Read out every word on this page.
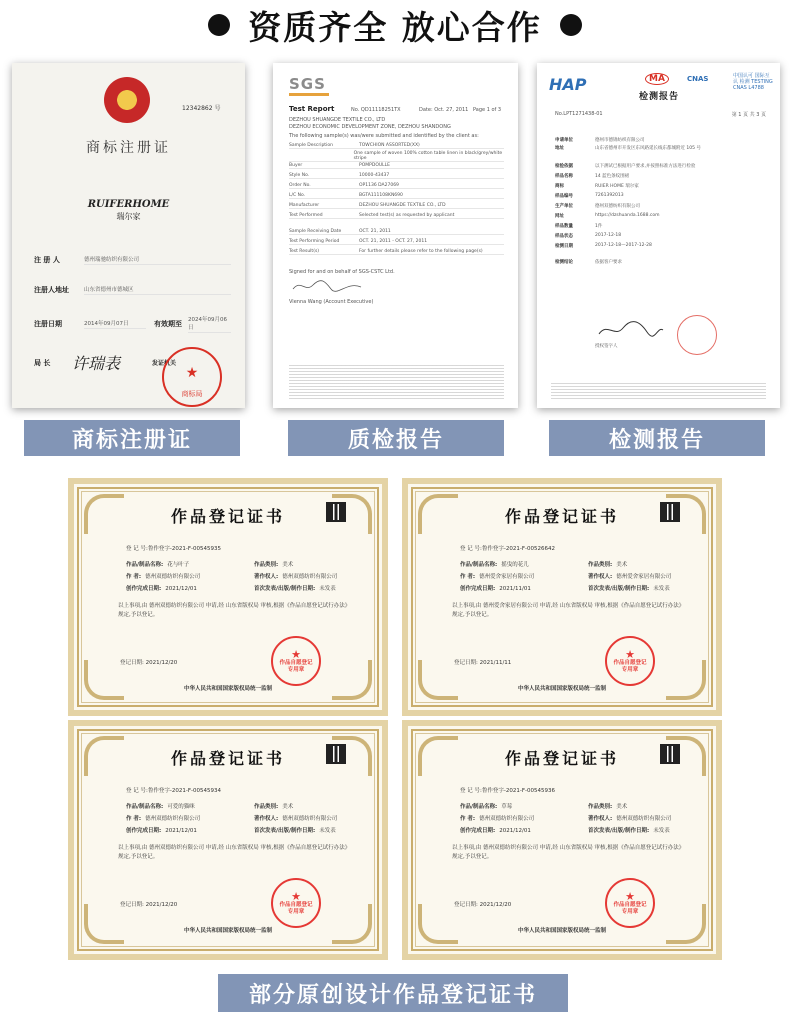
资质齐全 放心合作
12342862 号
商标注册证
RUIFERHOME
瑞尔家
注 册 人	德州瑞驰纺织有限公司
注册人地址	山东省德州市德城区
注册日期	2014年09月07日	有效期至	2024年09月06日
局 长	许瑞表	发证机关
★
商标局
商标注册证
SGS
Test Report	No. QD11118251TX	Date: Oct. 27, 2011 Page 1 of 3
DEZHOU SHUANGDE TEXTILE CO., LTD
DEZHOU ECONOMIC DEVELOPMENT ZONE, DEZHOU SHANDONG
The following sample(s) was/were submitted and identified by the client as:
Sample Description	TOWCHION ASSORTED(XX)
One sample of woven 100% cotton table linen in black/grey/white stripe
Buyer	POMPDOULLE
Style No.	10000-43437
Order No.	OP1136 DA27069
L/C No.	BGTA111108KN690
Manufacturer	DEZHOU SHUANGDE TEXTILE CO., LTD
Test Performed	Selected test(s) as requested by applicant
Sample Receiving Date	OCT. 21, 2011
Test Performing Period	OCT. 21, 2011 - OCT. 27, 2011
Test Result(s)	For further details please refer to the following page(s)
Signed for and on behalf of SGS-CSTC Ltd.
Vienna Wang (Account Executive)
质检报告
HAP	MA	CNAS	中国认可 国际互认 检测 TESTING CNAS L4788
检测报告
No.LPT1271438-01	第 1 页 共 3 页
申请单位	德州市德锦纺织有限公司
地址	山东省德州市开发区东风路延长线东都城附近 105 号
检验依据	以下测试已根据用户要求,并按照标准方法进行检验
样品名称	14 蓝色条纹围裙
商标	RUIER HOME 瑞尔家
样品编号	7261392013
生产单位	德州双德纺织有限公司
网址	https://dzshuanda.1688.com
样品数量	1件
样品状态	2017-12-18
检测日期	2017-12-18—2017-12-28
检测结论	依据客户要求
授权签字人
检测报告
作品登记证书
登 记 号:鲁作登字-2021-F-00545935
作品/制品名称: 花与叶子	作品类别: 美术
作 者: 德州双德纺织有限公司	著作权人: 德州双德纺织有限公司
创作完成日期: 2021/12/01	首次发表/出版/制作日期: 未发表
以上事项,由 德州双德纺织有限公司 申请,经 山东省版权局 审核,根据《作品自愿登记试行办法》规定,予以登记。
登记日期: 2021/12/20
★
作品自愿登记专用章
中华人民共和国国家版权局统一监制
作品登记证书
登 记 号:鲁作登字-2021-F-00526642
作品/制品名称: 摇曳的花儿	作品类别: 美术
作 者: 德州爱舍家居有限公司	著作权人: 德州爱舍家居有限公司
创作完成日期: 2021/11/01	首次发表/出版/制作日期: 未发表
以上事项,由 德州爱舍家居有限公司 申请,经 山东省版权局 审核,根据《作品自愿登记试行办法》规定,予以登记。
登记日期: 2021/11/11
★
作品自愿登记专用章
中华人民共和国国家版权局统一监制
作品登记证书
登 记 号:鲁作登字-2021-F-00545934
作品/制品名称: 可爱的猫咪	作品类别: 美术
作 者: 德州双德纺织有限公司	著作权人: 德州双德纺织有限公司
创作完成日期: 2021/12/01	首次发表/出版/制作日期: 未发表
以上事项,由 德州双德纺织有限公司 申请,经 山东省版权局 审核,根据《作品自愿登记试行办法》规定,予以登记。
登记日期: 2021/12/20
★
作品自愿登记专用章
中华人民共和国国家版权局统一监制
作品登记证书
登 记 号:鲁作登字-2021-F-00545936
作品/制品名称: 草莓	作品类别: 美术
作 者: 德州双德纺织有限公司	著作权人: 德州双德纺织有限公司
创作完成日期: 2021/12/01	首次发表/出版/制作日期: 未发表
以上事项,由 德州双德纺织有限公司 申请,经 山东省版权局 审核,根据《作品自愿登记试行办法》规定,予以登记。
登记日期: 2021/12/20
★
作品自愿登记专用章
中华人民共和国国家版权局统一监制
部分原创设计作品登记证书
